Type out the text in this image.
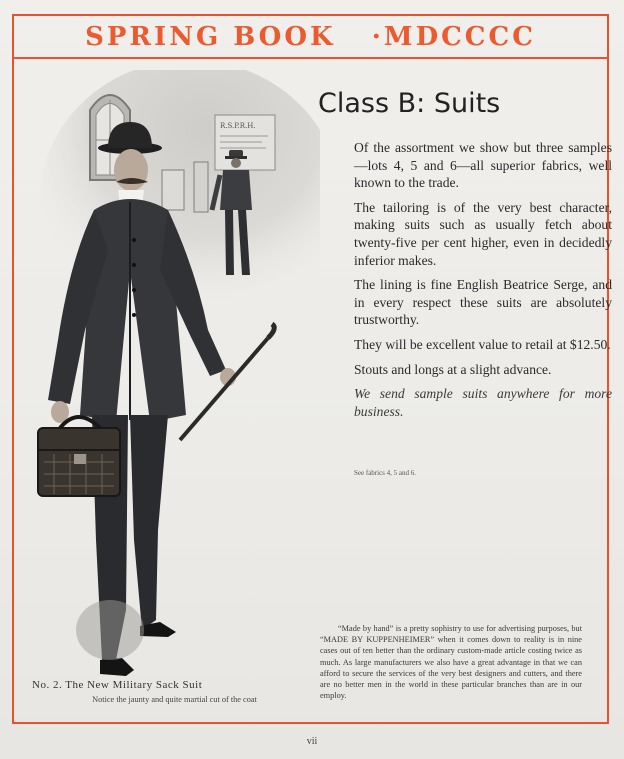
SPRING BOOK   ·MDCCCC
R.S.P.R.H.
Class B: Suits

Of the assortment we show but three samples—lots 4, 5 and 6—all superior fabrics, well known to the trade.

The tailoring is of the very best character, making suits such as usually fetch about twenty-five per cent higher, even in decidedly inferior makes.

The lining is fine English Beatrice Serge, and in every respect these suits are absolutely trustworthy.

They will be excellent value to retail at $12.50.

Stouts and longs at a slight advance.

We send sample suits anywhere for more business.

See fabrics 4, 5 and 6.
“Made by hand” is a pretty sophistry to use for advertising purposes, but “MADE BY KUPPENHEIMER” when it comes down to reality is in nine cases out of ten better than the ordinary custom-made article costing twice as much. As large manufacturers we also have a great advantage in that we can afford to secure the services of the very best designers and cutters, and there are no better men in the world in these particular branches than are in our employ.
No. 2. The New Military Sack Suit
Notice the jaunty and quite martial cut of the coat
vii
